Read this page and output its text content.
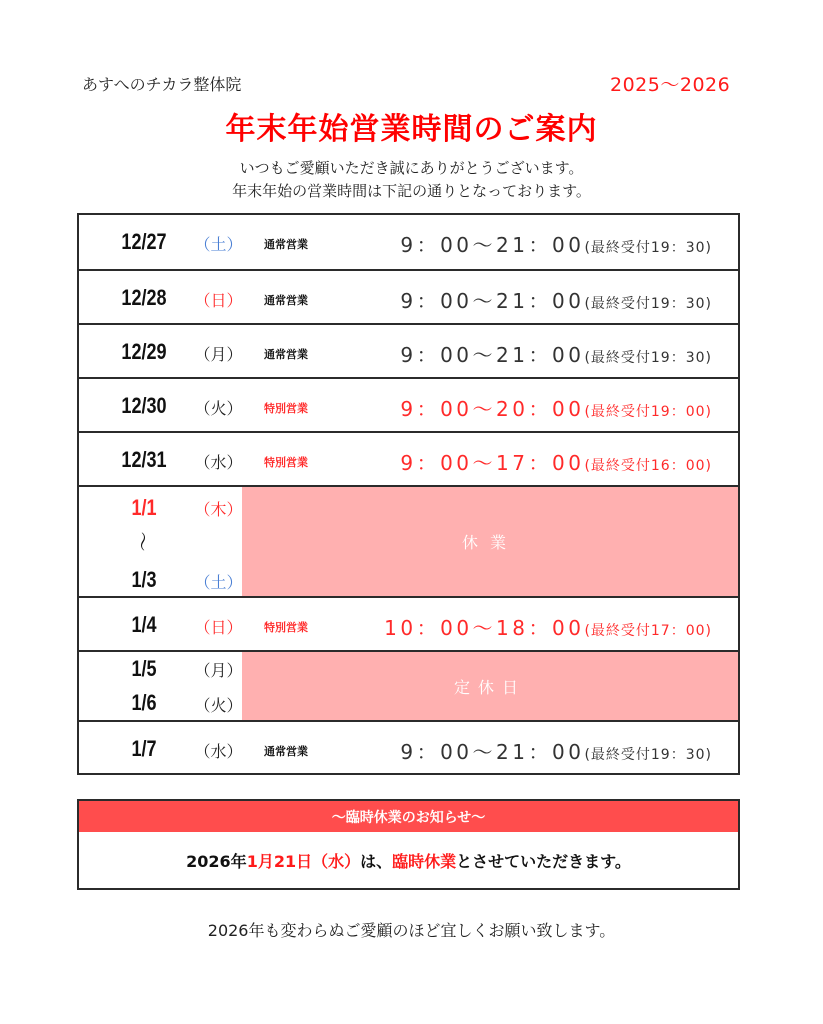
あすへのチカラ整体院	2025～2026
年末年始営業時間のご案内
いつもご愛顧いただき誠にありがとうございます。
年末年始の営業時間は下記の通りとなっております。
12/27	（土）	通常営業	9：00～21：00(最終受付19：30)
12/28	（日）	通常営業	9：00～21：00(最終受付19：30)
12/29	（月）	通常営業	9：00～21：00(最終受付19：30)
12/30	（火）	特別営業	9：00～20：00(最終受付19：00)
12/31	（水）	特別営業	9：00～17：00(最終受付16：00)
1/1	（木）
〜
1/3	（土）
休業
1/4	（日）	特別営業	10：00～18：00(最終受付17：00)
1/5	（月）
1/6	（火）
定休日
1/7	（水）	通常営業	9：00～21：00(最終受付19：30)
～臨時休業のお知らせ～
2026年 1月21日（水） は、 臨時休業 とさせていただきます。
2026年も変わらぬご愛顧のほど宜しくお願い致します。
